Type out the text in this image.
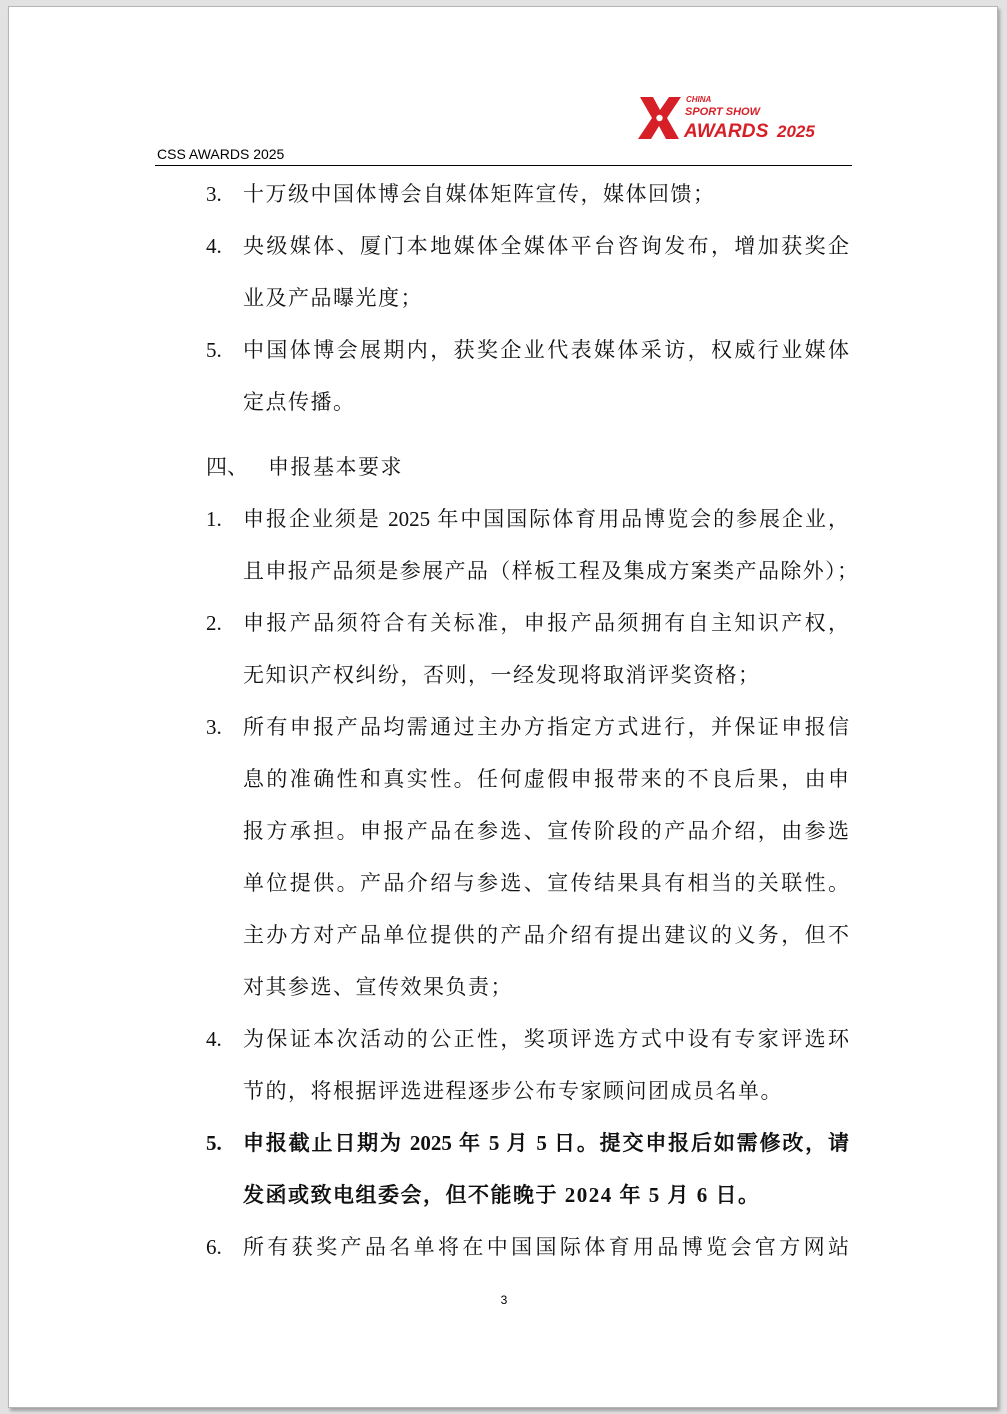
CHINA
SPORT SHOW
AWARDS 2025
CSS AWARDS 2025
3. 十万级中国体博会自媒体矩阵宣传，媒体回馈；
4. 央级媒体、厦门本地媒体全媒体平台咨询发布，增加获奖企
业及产品曝光度；
5. 中国体博会展期内，获奖企业代表媒体采访，权威行业媒体
定点传播。
四、 申报基本要求
1. 申报企业须是 2025 年中国国际体育用品博览会的参展企业，
且申报产品须是参展产品（样板工程及集成方案类产品除外）；
2. 申报产品须符合有关标准，申报产品须拥有自主知识产权，
无知识产权纠纷，否则，一经发现将取消评奖资格；
3. 所有申报产品均需通过主办方指定方式进行，并保证申报信
息的准确性和真实性。任何虚假申报带来的不良后果，由申
报方承担。申报产品在参选、宣传阶段的产品介绍，由参选
单位提供。产品介绍与参选、宣传结果具有相当的关联性。
主办方对产品单位提供的产品介绍有提出建议的义务，但不
对其参选、宣传效果负责；
4. 为保证本次活动的公正性，奖项评选方式中设有专家评选环
节的，将根据评选进程逐步公布专家顾问团成员名单。
5. 申报截止日期为 2025 年 5 月 5 日。提交申报后如需修改，请
发函或致电组委会，但不能晚于 2024 年 5 月 6 日。
6. 所有获奖产品名单将在中国国际体育用品博览会官方网站
3
